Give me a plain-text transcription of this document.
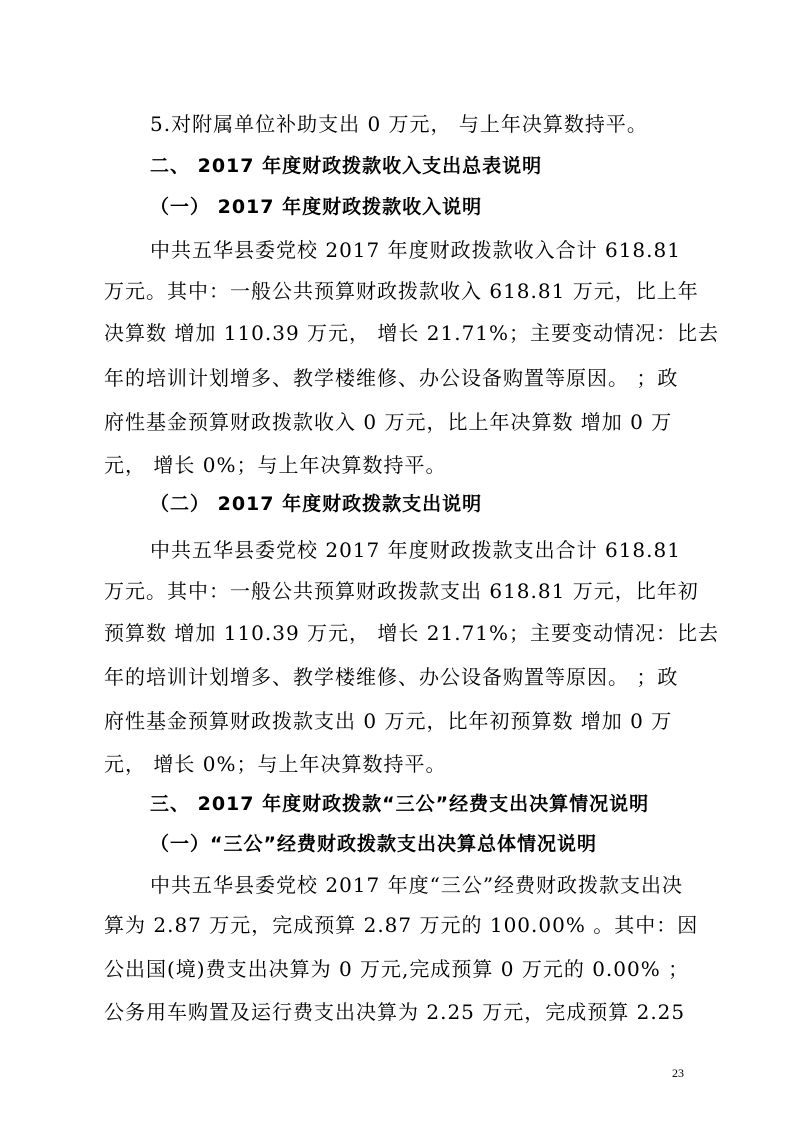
5.对附属单位补助支出 0 万元， 与上年决算数持平。
二、 2017 年度财政拨款收入支出总表说明
（一） 2017 年度财政拨款收入说明
中共五华县委党校 2017 年度财政拨款收入合计 618.81
万元。其中：一般公共预算财政拨款收入 618.81 万元，比上年
决算数 增加 110.39 万元， 增长 21.71%；主要变动情况：比去
年的培训计划增多、教学楼维修、办公设备购置等原因。 ；政
府性基金预算财政拨款收入 0 万元，比上年决算数 增加 0 万
元， 增长 0%；与上年决算数持平。
（二） 2017 年度财政拨款支出说明
中共五华县委党校 2017 年度财政拨款支出合计 618.81
万元。其中：一般公共预算财政拨款支出 618.81 万元，比年初
预算数 增加 110.39 万元， 增长 21.71%；主要变动情况：比去
年的培训计划增多、教学楼维修、办公设备购置等原因。 ；政
府性基金预算财政拨款支出 0 万元，比年初预算数 增加 0 万
元， 增长 0%；与上年决算数持平。
三、 2017 年度财政拨款“三公”经费支出决算情况说明
（一）“三公”经费财政拨款支出决算总体情况说明
中共五华县委党校 2017 年度“三公”经费财政拨款支出决
算为 2.87 万元，完成预算 2.87 万元的 100.00% 。其中：因
公出国(境)费支出决算为 0 万元,完成预算 0 万元的 0.00% ；
公务用车购置及运行费支出决算为 2.25 万元，完成预算 2.25
23
